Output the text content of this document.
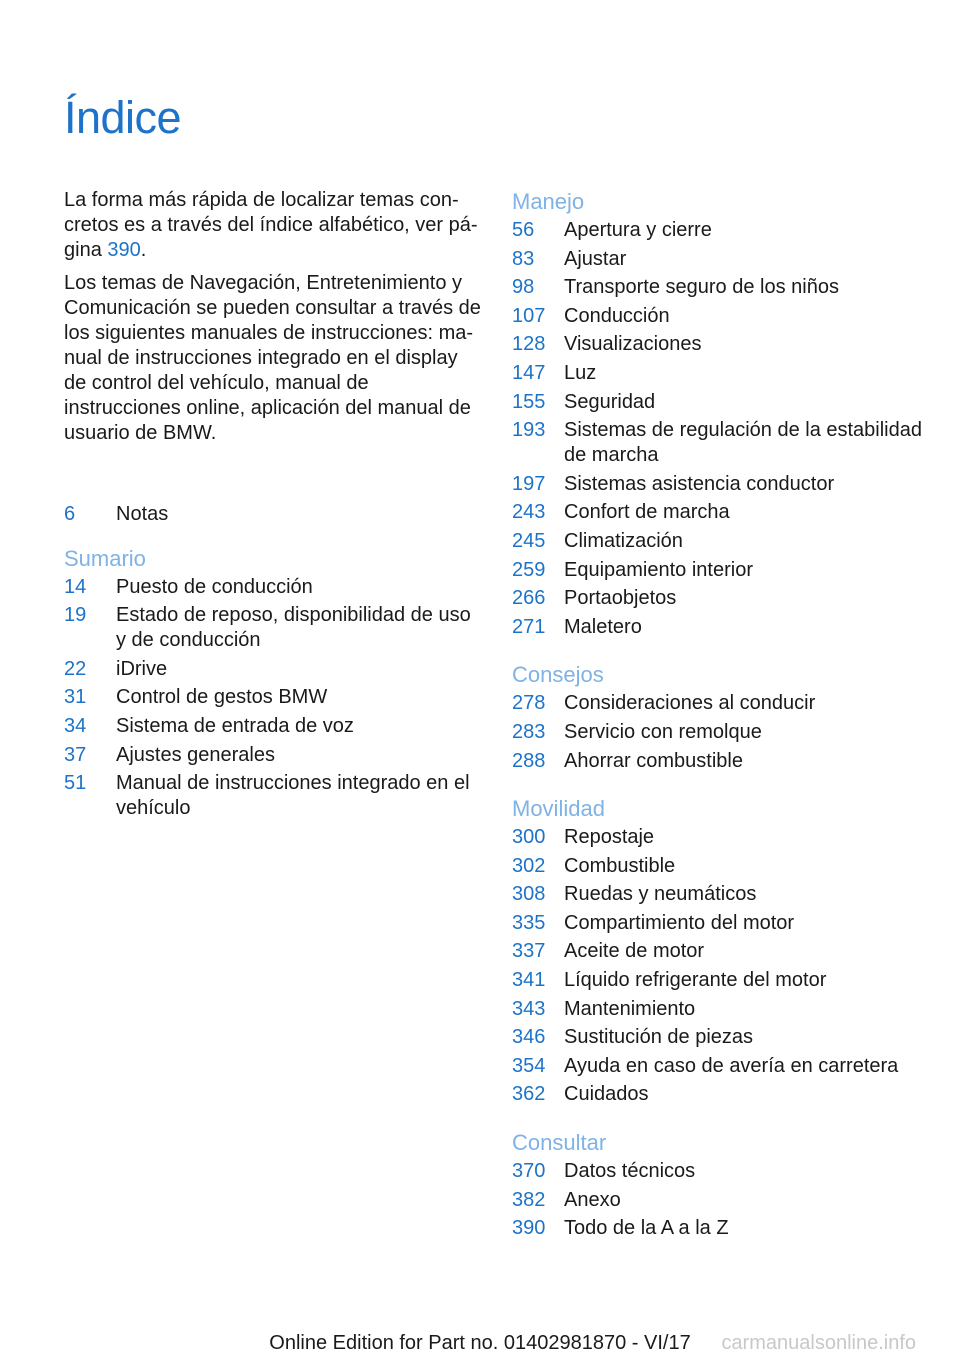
Índice

La forma más rápida de localizar temas con-cretos es a través del índice alfabético, ver pá-gina 390.

Los temas de Navegación, Entretenimiento y Comunicación se pueden consultar a través de los siguientes manuales de instrucciones: ma-nual de instrucciones integrado en el display de control del vehículo, manual de instrucciones online, aplicación del manual de usuario de BMW.

6	Notas
Sumario
14	Puesto de conducción
19	Estado de reposo, disponibilidad de uso y de conducción
22	iDrive
31	Control de gestos BMW
34	Sistema de entrada de voz
37	Ajustes generales
51	Manual de instrucciones integrado en el vehículo
Manejo
56	Apertura y cierre
83	Ajustar
98	Transporte seguro de los niños
107 Conducción
128 Visualizaciones
147 Luz
155 Seguridad
193 Sistemas de regulación de la estabilidad de marcha
197 Sistemas asistencia conductor
243 Confort de marcha
245 Climatización
259 Equipamiento interior
266 Portaobjetos
271 Maletero
Consejos
278 Consideraciones al conducir
283 Servicio con remolque
288 Ahorrar combustible
Movilidad
300 Repostaje
302 Combustible
308 Ruedas y neumáticos
335 Compartimiento del motor
337 Aceite de motor
341 Líquido refrigerante del motor
343 Mantenimiento
346 Sustitución de piezas
354 Ayuda en caso de avería en carretera
362 Cuidados
Consultar
370 Datos técnicos
382 Anexo
390 Todo de la A a la Z
Online Edition for Part no. 01402981870 - VI/17	carmanualsonline.info
